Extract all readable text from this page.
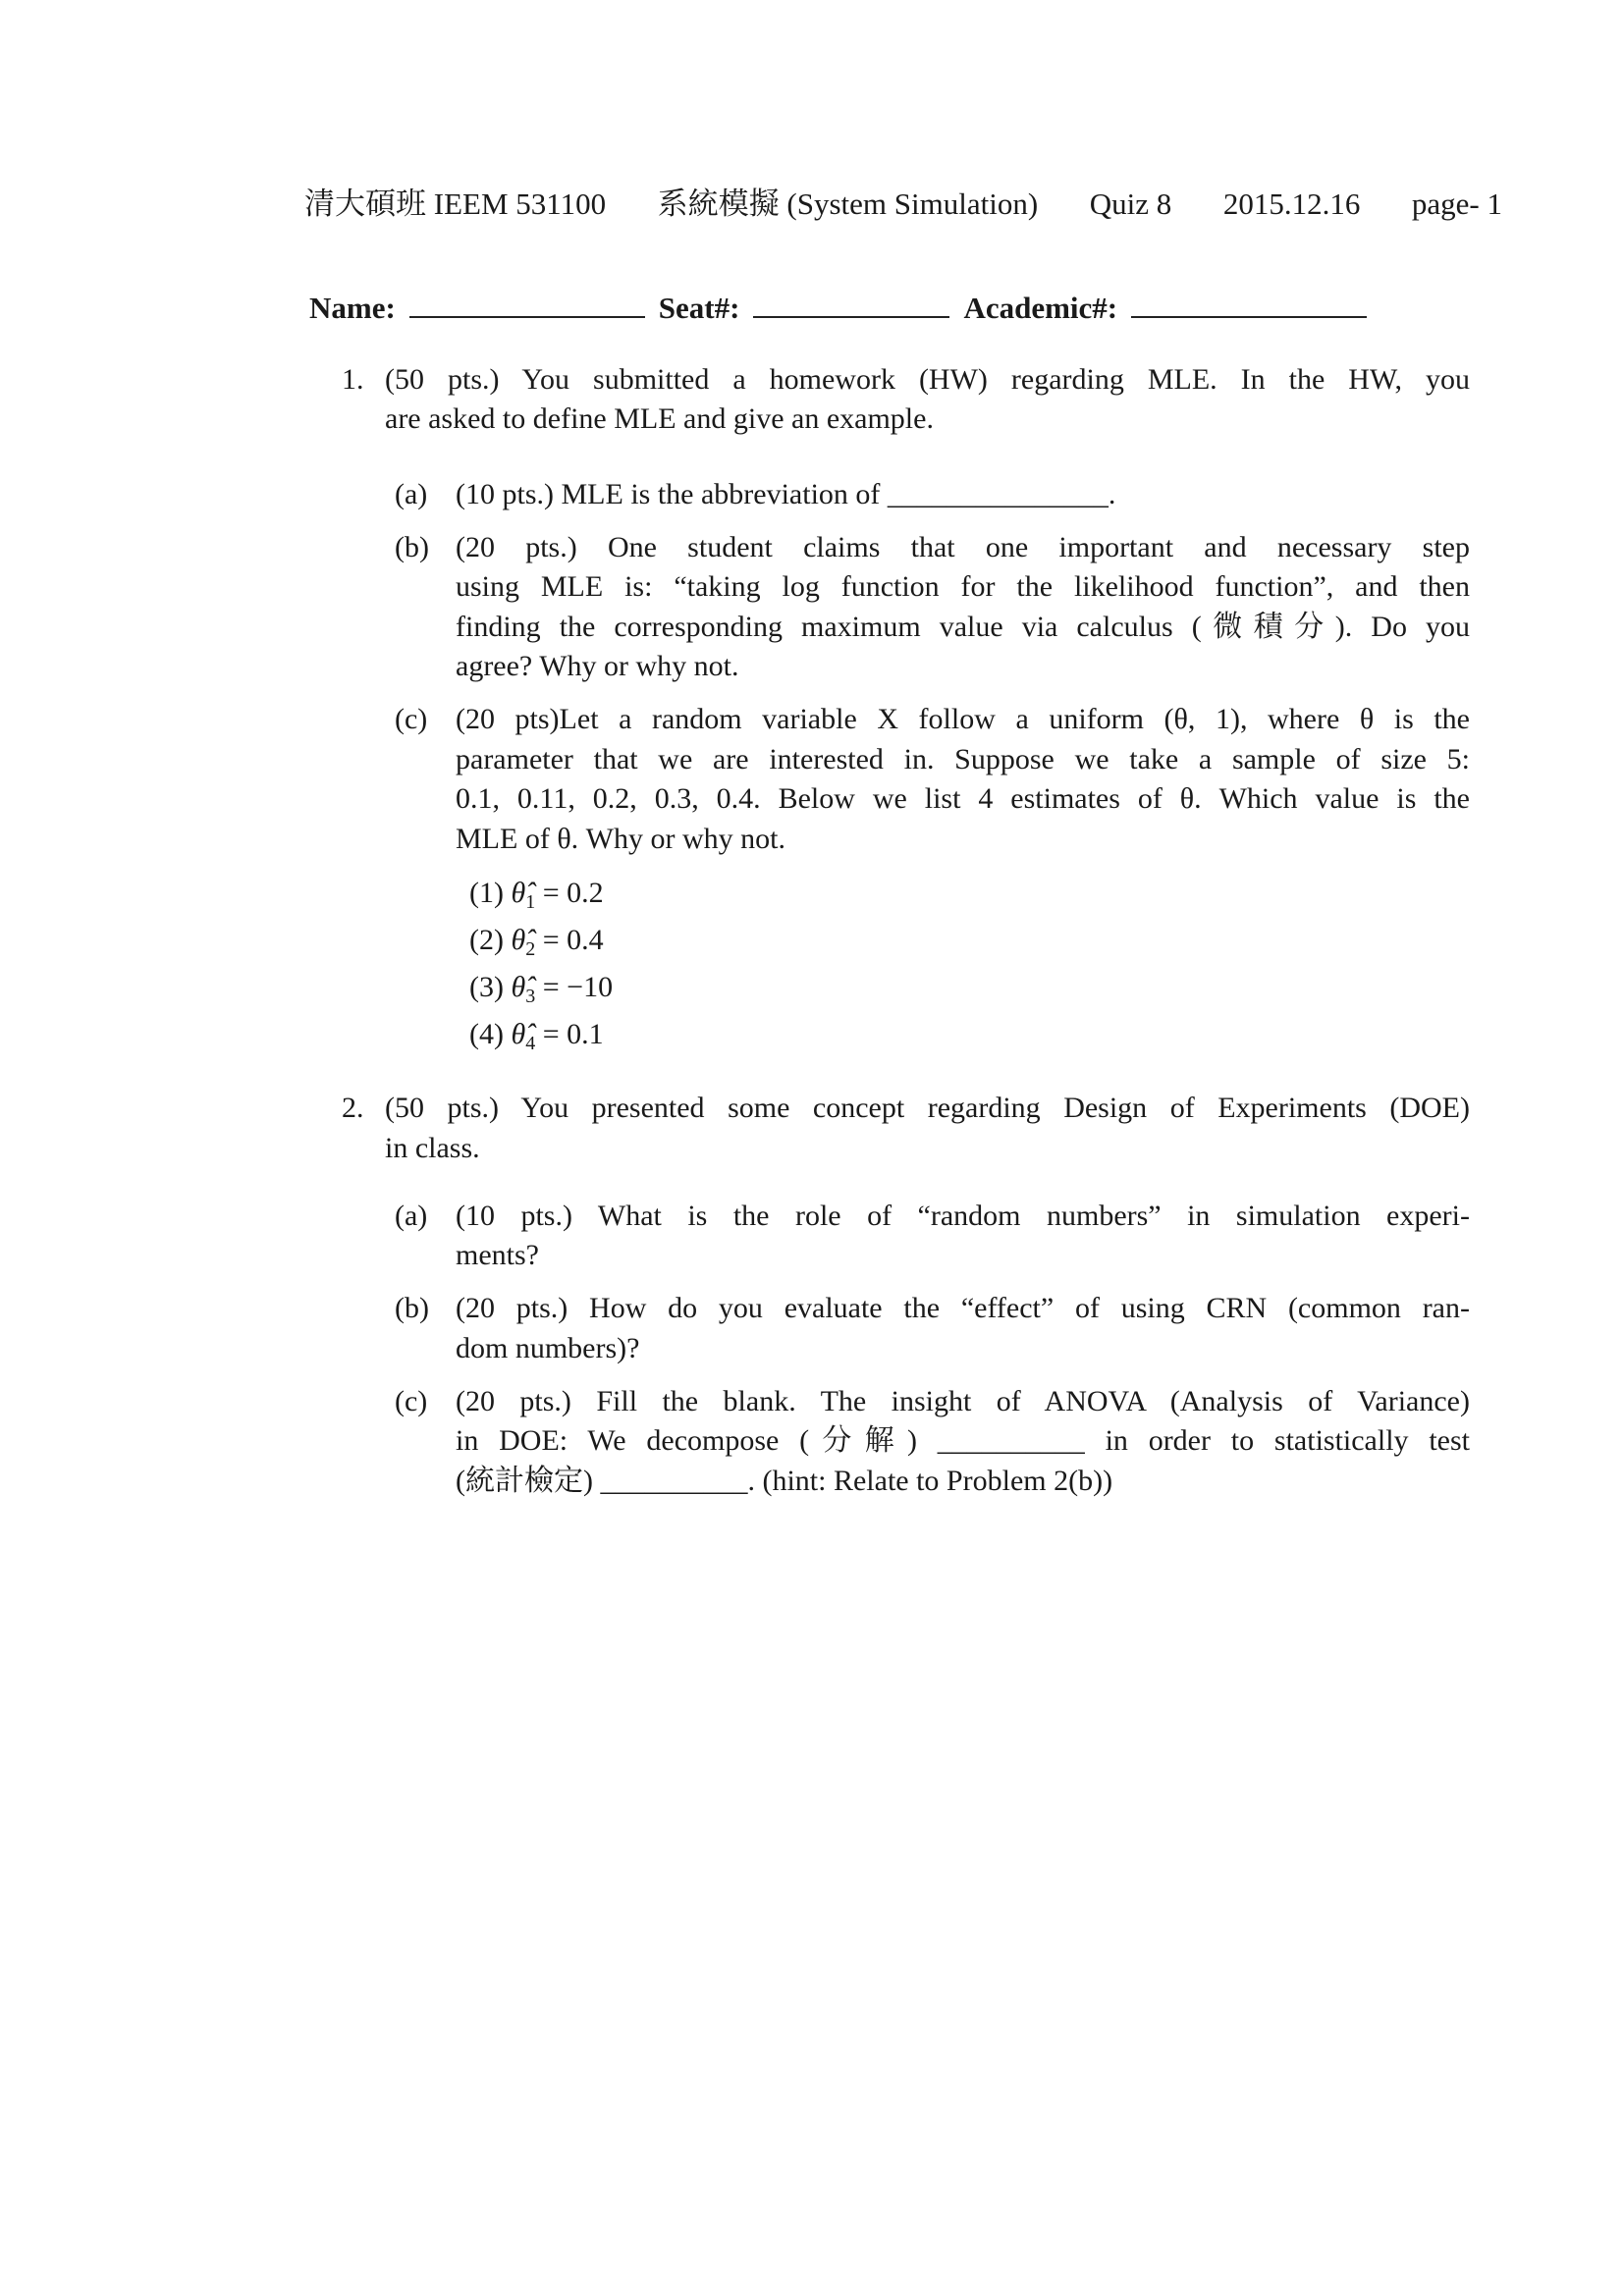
清大碩班 IEEM 531100 系統模擬 (System Simulation) Quiz 8 2015.12.16 page- 1
Name:	Seat#:	Academic#:
1. (50 pts.) You submitted a homework (HW) regarding MLE. In the HW, you
are asked to define MLE and give an example.
(a) (10 pts.) MLE is the abbreviation of _______________.
(b) (20 pts.) One student claims that one important and necessary step
using MLE is: “taking log function for the likelihood function”, and then
finding the corresponding maximum value via calculus (微積分). Do you
agree? Why or why not.
(c) (20 pts)Let a random variable X follow a uniform (θ, 1), where θ is the
parameter that we are interested in. Suppose we take a sample of size 5:
0.1, 0.11, 0.2, 0.3, 0.4. Below we list 4 estimates of θ. Which value is the
MLE of θ. Why or why not.
(1) $\thetâ_1 = 0.2$
(2) $\thetâ_2 = 0.4$
(3) $\thetâ_3 = -10$
(4) $\thetâ_4 = 0.1$
2. (50 pts.) You presented some concept regarding Design of Experiments (DOE)
in class.
(a) (10 pts.) What is the role of “random numbers” in simulation experi-
ments?
(b) (20 pts.) How do you evaluate the “effect” of using CRN (common ran-
dom numbers)?
(c) (20 pts.) Fill the blank. The insight of ANOVA (Analysis of Variance)
in DOE: We decompose (分解) __________ in order to statistically test
(統計檢定) __________. (hint: Relate to Problem 2(b))
